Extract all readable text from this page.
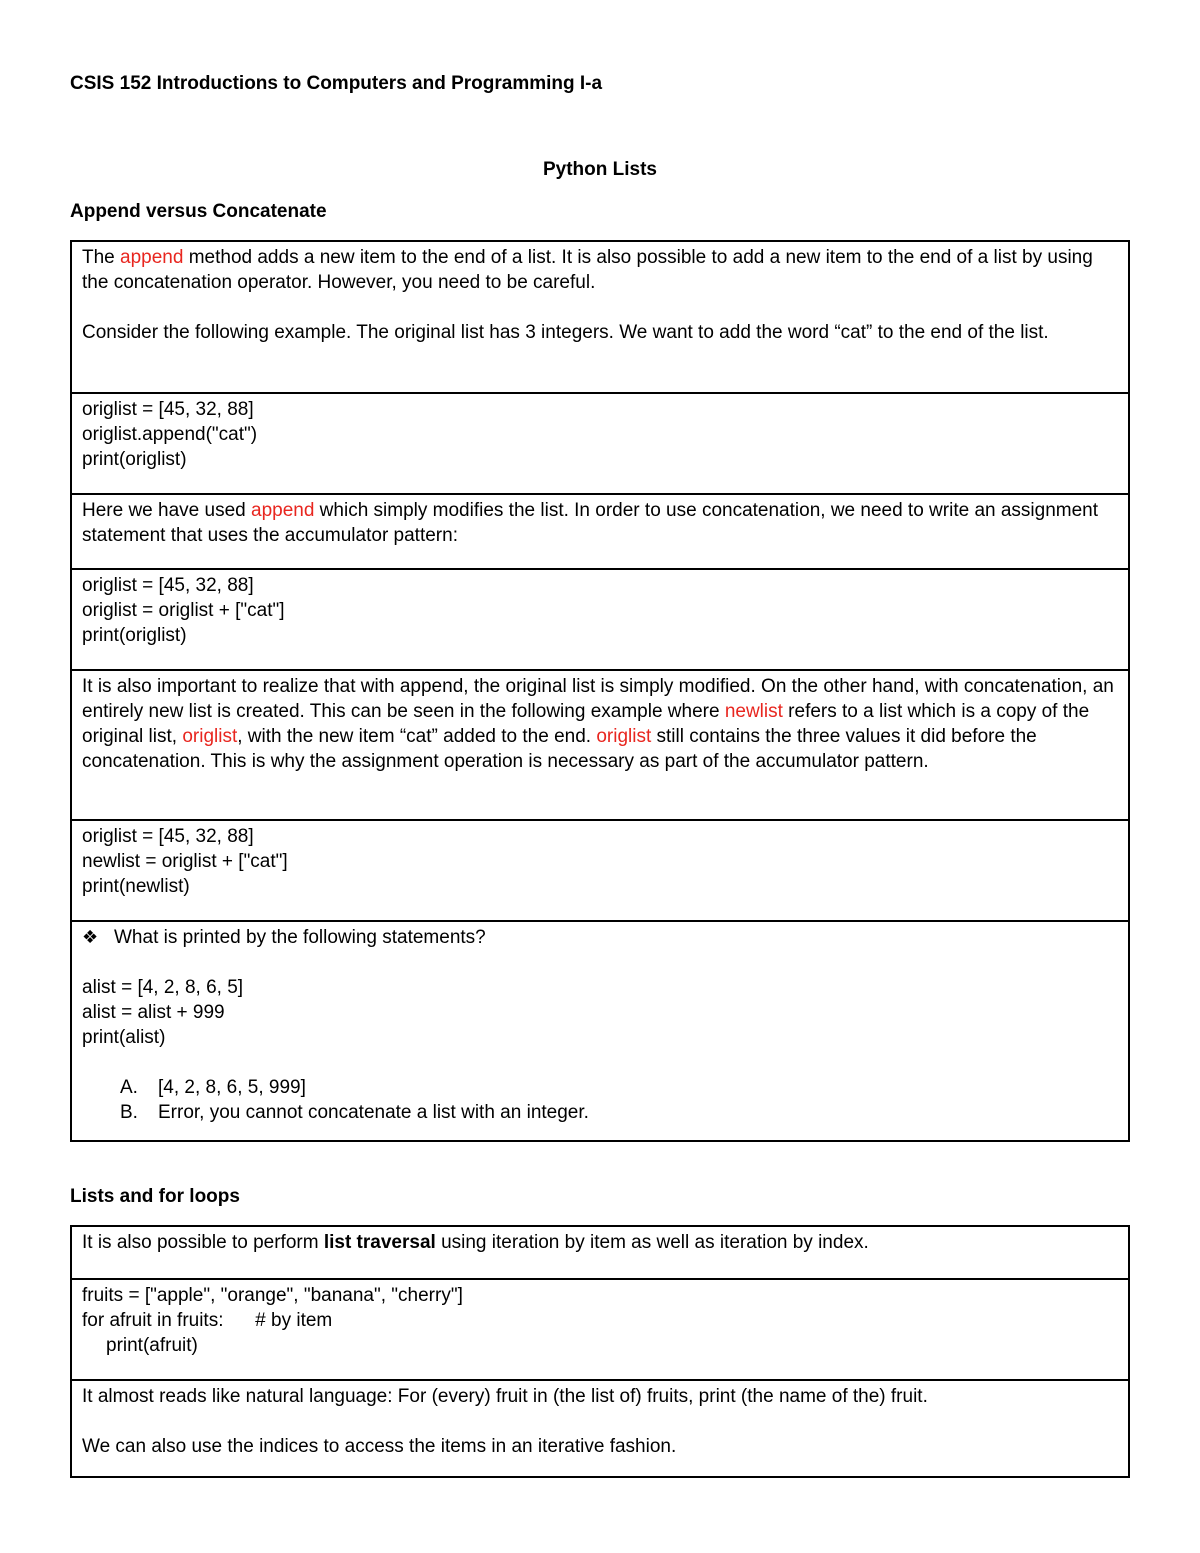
CSIS 152 Introductions to Computers and Programming I-a
Python Lists
Append versus Concatenate

The append method adds a new item to the end of a list. It is also possible to add a new item to the end of a list by using the concatenation operator. However, you need to be careful.

Consider the following example. The original list has 3 integers. We want to add the word “cat” to the end of the list.

origlist = [45, 32, 88]
origlist.append("cat")
print(origlist)

Here we have used append which simply modifies the list. In order to use concatenation, we need to write an assignment statement that uses the accumulator pattern:

origlist = [45, 32, 88]
origlist = origlist + ["cat"]
print(origlist)

It is also important to realize that with append, the original list is simply modified. On the other hand, with concatenation, an entirely new list is created. This can be seen in the following example where newlist refers to a list which is a copy of the original list, origlist, with the new item “cat” added to the end. origlist still contains the three values it did before the concatenation. This is why the assignment operation is necessary as part of the accumulator pattern.

origlist = [45, 32, 88]
newlist = origlist + ["cat"]
print(newlist)
❖ What is printed by the following statements?
alist = [4, 2, 8, 6, 5]
alist = alist + 999
print(alist)
A.	[4, 2, 8, 6, 5, 999]
B.	Error, you cannot concatenate a list with an integer.
Lists and for loops

It is also possible to perform list traversal using iteration by item as well as iteration by index.

fruits = ["apple", "orange", "banana", "cherry"]
for afruit in fruits:      # by item
print(afruit)

It almost reads like natural language: For (every) fruit in (the list of) fruits, print (the name of the) fruit.

We can also use the indices to access the items in an iterative fashion.
